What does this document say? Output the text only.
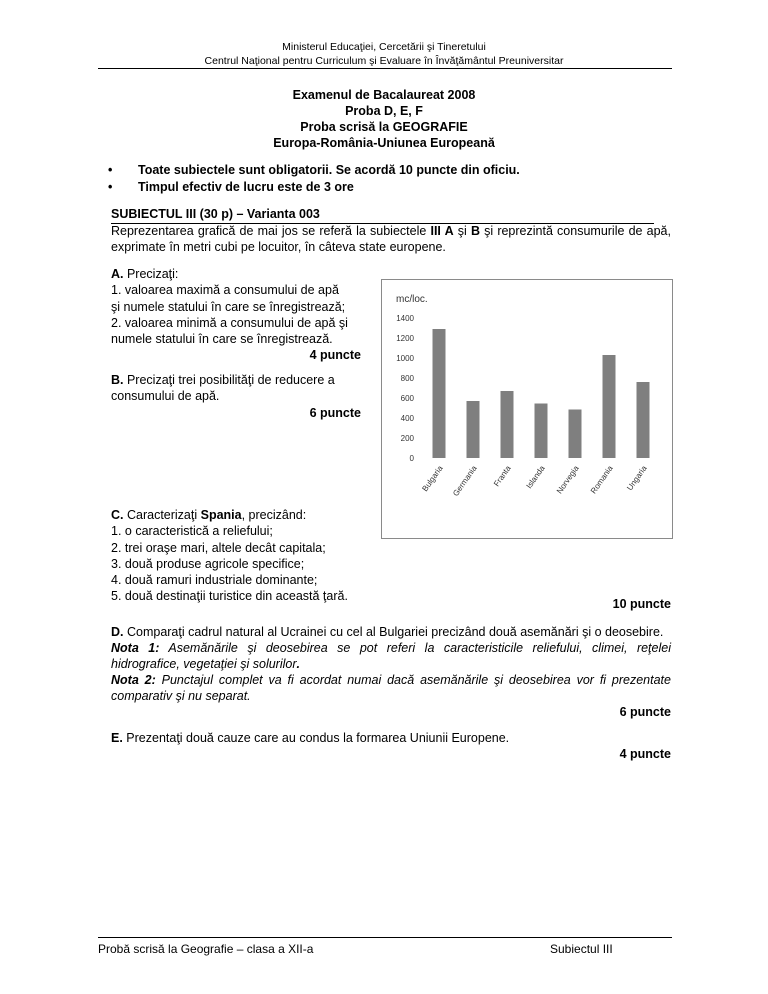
Ministerul Educaţiei, Cercetării şi Tineretului
Centrul Naţional pentru Curriculum şi Evaluare în Învăţământul Preuniversitar
Examenul de Bacalaureat 2008
Proba D, E, F
Proba scrisă la GEOGRAFIE
Europa-România-Uniunea Europeană
•	Toate subiectele sunt obligatorii. Se acordă 10 puncte din oficiu.
•	Timpul efectiv de lucru este de 3 ore
SUBIECTUL III (30 p) – Varianta 003
Reprezentarea grafică de mai jos se referă la subiectele III A şi B şi reprezintă consumurile de apă, exprimate în metri cubi pe locuitor, în câteva state europene.
A. Precizaţi:
1. valoarea maximă a consumului de apă
şi numele statului în care se înregistrează;
2. valoarea minimă a consumului de apă şi
numele statului în care se înregistrează.
4 puncte
B. Precizaţi trei posibilităţi de reducere a consumului de apă.
6 puncte
mc/loc.
0
200
400
600
800
1000
1200
1400
Bulgaria Germania Franta Islanda Norvegia Romania Ungaria
C. Caracterizaţi Spania, precizând:
1. o caracteristică a reliefului;
2. trei oraşe mari, altele decât capitala;
3. două produse agricole specifice;
4. două ramuri industriale dominante;
5. două destinaţii turistice din această ţară.
10 puncte
D. Comparaţi cadrul natural al Ucrainei cu cel al Bulgariei precizând două asemănări şi o deosebire.
Nota 1: Asemănările şi deosebirea se pot referi la caracteristicile reliefului, climei, reţelei hidrografice, vegetaţiei şi solurilor.
Nota 2: Punctajul complet va fi acordat numai dacă asemănările şi deosebirea vor fi prezentate comparativ şi nu separat.
6 puncte
E. Prezentaţi două cauze care au condus la formarea Uniunii Europene.
4 puncte
Probă scrisă la Geografie – clasa a XII-a	Subiectul III
